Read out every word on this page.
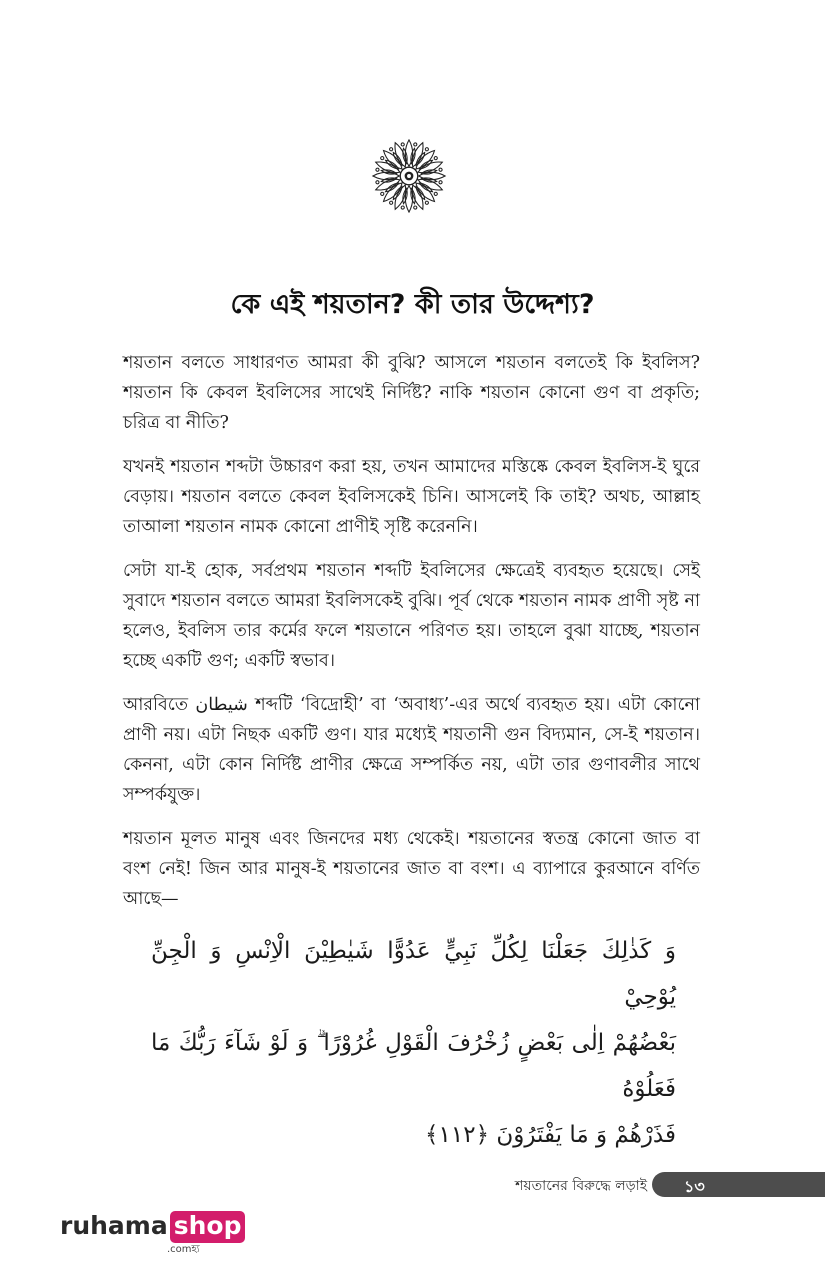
কে এই শয়তান? কী তার উদ্দেশ্য?

শয়তান বলতে সাধারণত আমরা কী বুঝি? আসলে শয়তান বলতেই কি ইবলিস? শয়তান কি কেবল ইবলিসের সাথেই নির্দিষ্ট? নাকি শয়তান কোনো গুণ বা প্রকৃতি; চরিত্র বা নীতি?

যখনই শয়তান শব্দটা উচ্চারণ করা হয়, তখন আমাদের মস্তিষ্কে কেবল ইবলিস-ই ঘুরে বেড়ায়। শয়তান বলতে কেবল ইবলিসকেই চিনি। আসলেই কি তাই? অথচ, আল্লাহ তাআলা শয়তান নামক কোনো প্রাণীই সৃষ্টি করেননি।

সেটা যা-ই হোক, সর্বপ্রথম শয়তান শব্দটি ইবলিসের ক্ষেত্রেই ব্যবহৃত হয়েছে। সেই সুবাদে শয়তান বলতে আমরা ইবলিসকেই বুঝি। পূর্ব থেকে শয়তান নামক প্রাণী সৃষ্ট না হলেও, ইবলিস তার কর্মের ফলে শয়তানে পরিণত হয়। তাহলে বুঝা যাচ্ছে, শয়তান হচ্ছে একটি গুণ; একটি স্বভাব।

আরবিতে شيطان শব্দটি ‘বিদ্রোহী’ বা ‘অবাধ্য’-এর অর্থে ব্যবহৃত হয়। এটা কোনো প্রাণী নয়। এটা নিছক একটি গুণ। যার মধ্যেই শয়তানী গুন বিদ্যমান, সে-ই শয়তান। কেননা, এটা কোন নির্দিষ্ট প্রাণীর ক্ষেত্রে সম্পর্কিত নয়, এটা তার গুণাবলীর সাথে সম্পর্কযুক্ত।

শয়তান মূলত মানুষ এবং জিনদের মধ্য থেকেই। শয়তানের স্বতন্ত্র কোনো জাত বা বংশ নেই! জিন আর মানুষ-ই শয়তানের জাত বা বংশ। এ ব্যাপারে কুরআনে বর্ণিত আছে—

وَ كَذٰلِكَ جَعَلْنَا لِكُلِّ نَبِيٍّ عَدُوًّا شَيٰطِيْنَ الْاِنْسِ وَ الْجِنِّ يُوْحِيْ
بَعْضُهُمْ اِلٰى بَعْضٍ زُخْرُفَ الْقَوْلِ غُرُوْرًا ۗ وَ لَوْ شَآءَ رَبُّكَ مَا فَعَلُوْهُ
فَذَرْهُمْ وَ مَا يَفْتَرُوْنَ ﴿١١٢﴾
শয়তানের বিরুদ্ধে লড়াই ১৩
ruhama shop
.comহ্য
